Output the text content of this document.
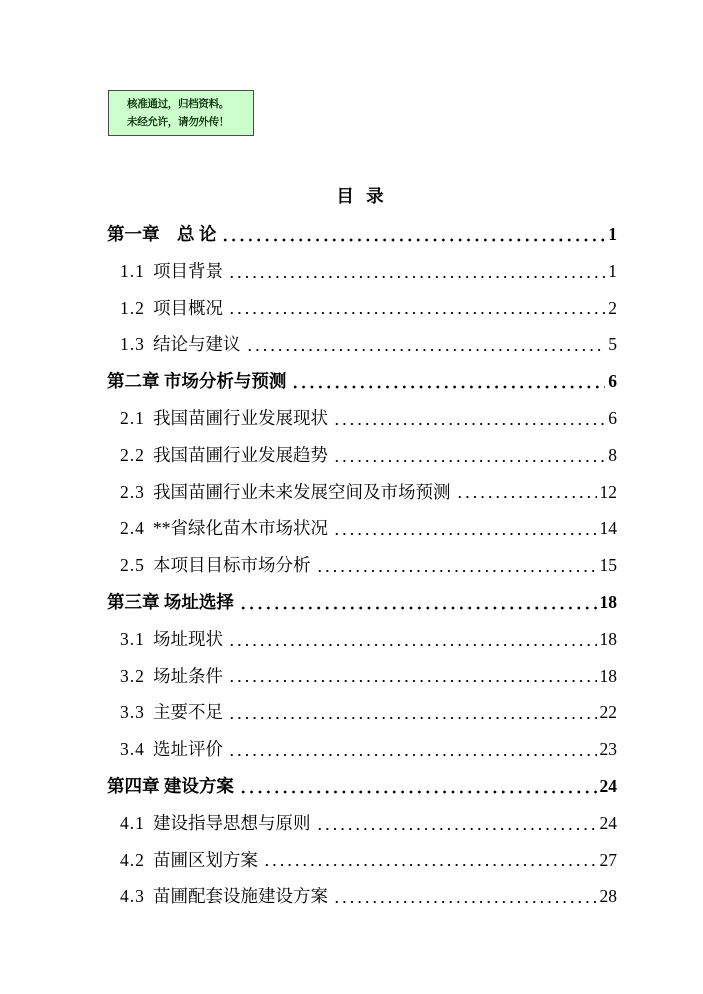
核准通过，归档资料。
未经允许，请勿外传！
目 录
第一章　总 论	1
1.1 项目背景	1
1.2 项目概况	2
1.3 结论与建议	5
第二章 市场分析与预测	6
2.1 我国苗圃行业发展现状	6
2.2 我国苗圃行业发展趋势	8
2.3 我国苗圃行业未来发展空间及市场预测	12
2.4 **省绿化苗木市场状况	14
2.5 本项目目标市场分析	15
第三章 场址选择	18
3.1 场址现状	18
3.2 场址条件	18
3.3 主要不足	22
3.4 选址评价	23
第四章 建设方案	24
4.1 建设指导思想与原则	24
4.2 苗圃区划方案	27
4.3 苗圃配套设施建设方案	28
